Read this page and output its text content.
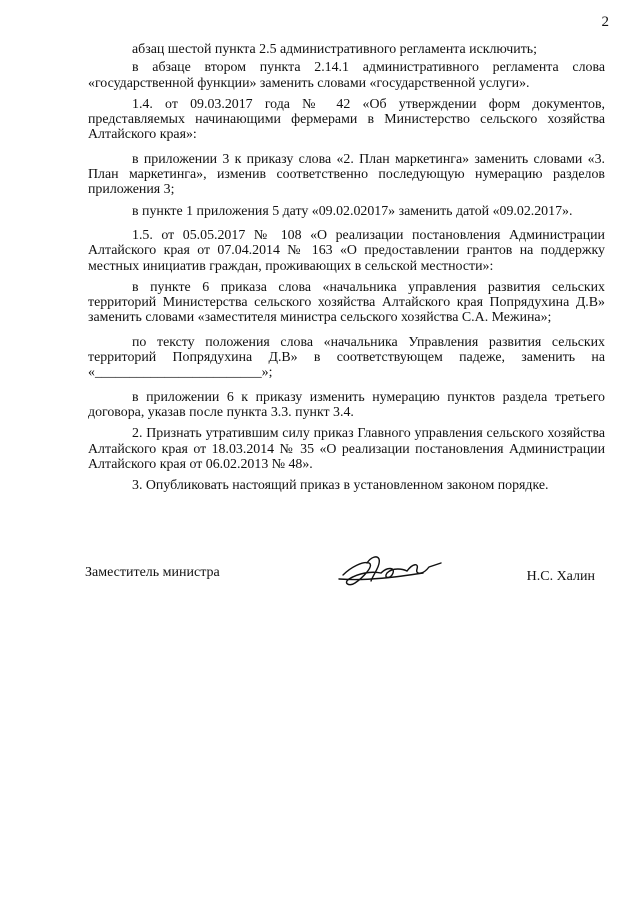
2

абзац шестой пункта 2.5 административного регламента исключить;

в абзаце втором пункта 2.14.1 административного регламента слова «государственной функции» заменить словами «государственной услуги».

1.4. от 09.03.2017 года № 42 «Об утверждении форм документов, представляемых начинающими фермерами в Министерство сельского хозяйства Алтайского края»:

в приложении 3 к приказу слова «2. План маркетинга» заменить словами «3. План маркетинга», изменив соответственно последующую нумерацию разделов приложения 3;

в пункте 1 приложения 5 дату «09.02.02017» заменить датой «09.02.2017».

1.5. от 05.05.2017 № 108 «О реализации постановления Администрации Алтайского края от 07.04.2014 № 163 «О предоставлении грантов на поддержку местных инициатив граждан, проживающих в сельской местности»:

в пункте 6 приказа слова «начальника управления развития сельских территорий Министерства сельского хозяйства Алтайского края Попрядухина Д.В» заменить словами «заместителя министра сельского хозяйства С.А. Межина»;

по тексту положения слова «начальника Управления развития сельских территорий Попрядухина Д.В» в соответствующем падеже, заменить на «________________________»;

в приложении 6 к приказу изменить нумерацию пунктов раздела третьего договора, указав после пункта 3.3. пункт 3.4.

2. Признать утратившим силу приказ Главного управления сельского хозяйства Алтайского края от 18.03.2014 № 35 «О реализации постановления Администрации Алтайского края от 06.02.2013 № 48».

3. Опубликовать настоящий приказ в установленном законом порядке.

Заместитель министра	Н.С. Халин
